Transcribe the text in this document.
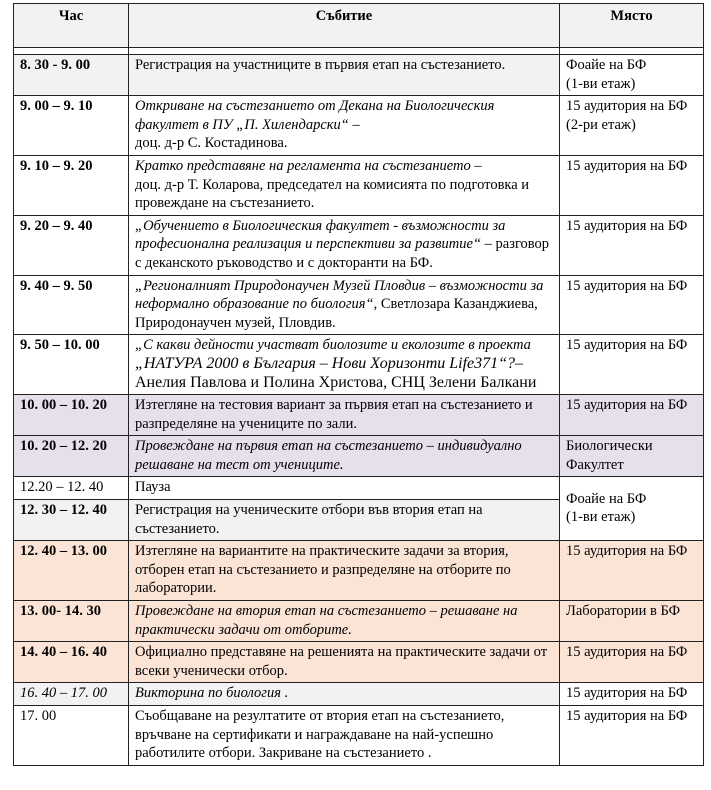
Час	Събитие	Място

8. 30 - 9. 00	Регистрация на участниците в първия етап на състезанието.	Фоайе на БФ
(1-ви етаж)
9. 00 – 9. 10	Откриване на състезанието от Декана на Биологическия факултет в ПУ „П. Хилендарски“ –
доц. д-р С. Костадинова.	15 аудитория на БФ
(2-ри етаж)
9. 10 – 9. 20	Кратко представяне на регламента на състезанието –
доц. д-р Т. Коларова, председател на комисията по подготовка и провеждане на състезанието.	15 аудитория на БФ
9. 20 – 9. 40	„Обучението в Биологическия факултет - възможности за професионална реализация и перспективи за развитие“ – разговор с деканското ръководство и с докторанти на БФ.	15 аудитория на БФ
9. 40 – 9. 50	„Регионалният Природонаучен Музей Пловдив – възможности за неформално образование по биология“, Светлозара Казанджиева, Природонаучен музей, Пловдив.	15 аудитория на БФ
9. 50 – 10. 00	„С какви дейности участват биолозите и еколозите в проекта „НАТУРА 2000 в България – Нови Хоризонти Life371“?– Анелия Павлова и Полина Христова, СНЦ Зелени Балкани	15 аудитория на БФ
10. 00 – 10. 20	Изтегляне на тестовия вариант за първия етап на състезанието и разпределяне на учениците по зали.	15 аудитория на БФ
10. 20 – 12. 20	Провеждане на първия етап на състезанието – индивидуално решаване на тест от учениците.	Биологически Факултет
12.20 – 12. 40	Пауза	Фоайе на БФ
(1-ви етаж)
12. 30 – 12. 40	Регистрация на ученическите отбори във втория етап на състезанието.	
12. 40 – 13. 00	Изтегляне на вариантите на практическите задачи за втория, отборен етап на състезанието и разпределяне на отборите по лаборатории.	15 аудитория на БФ
13. 00- 14. 30	Провеждане на втория етап на състезанието – решаване на практически задачи от отборите.	Лаборатории в БФ
14. 40 – 16. 40	Официално представяне на решенията на практическите задачи от всеки ученически отбор.	15 аудитория на БФ
16. 40 – 17. 00	Викторина по биология .	15 аудитория на БФ
17. 00	Съобщаване на резултатите от втория етап на състезанието, връчване на сертификати и награждаване на най-успешно работилите отбори. Закриване на състезанието .	15 аудитория на БФ
